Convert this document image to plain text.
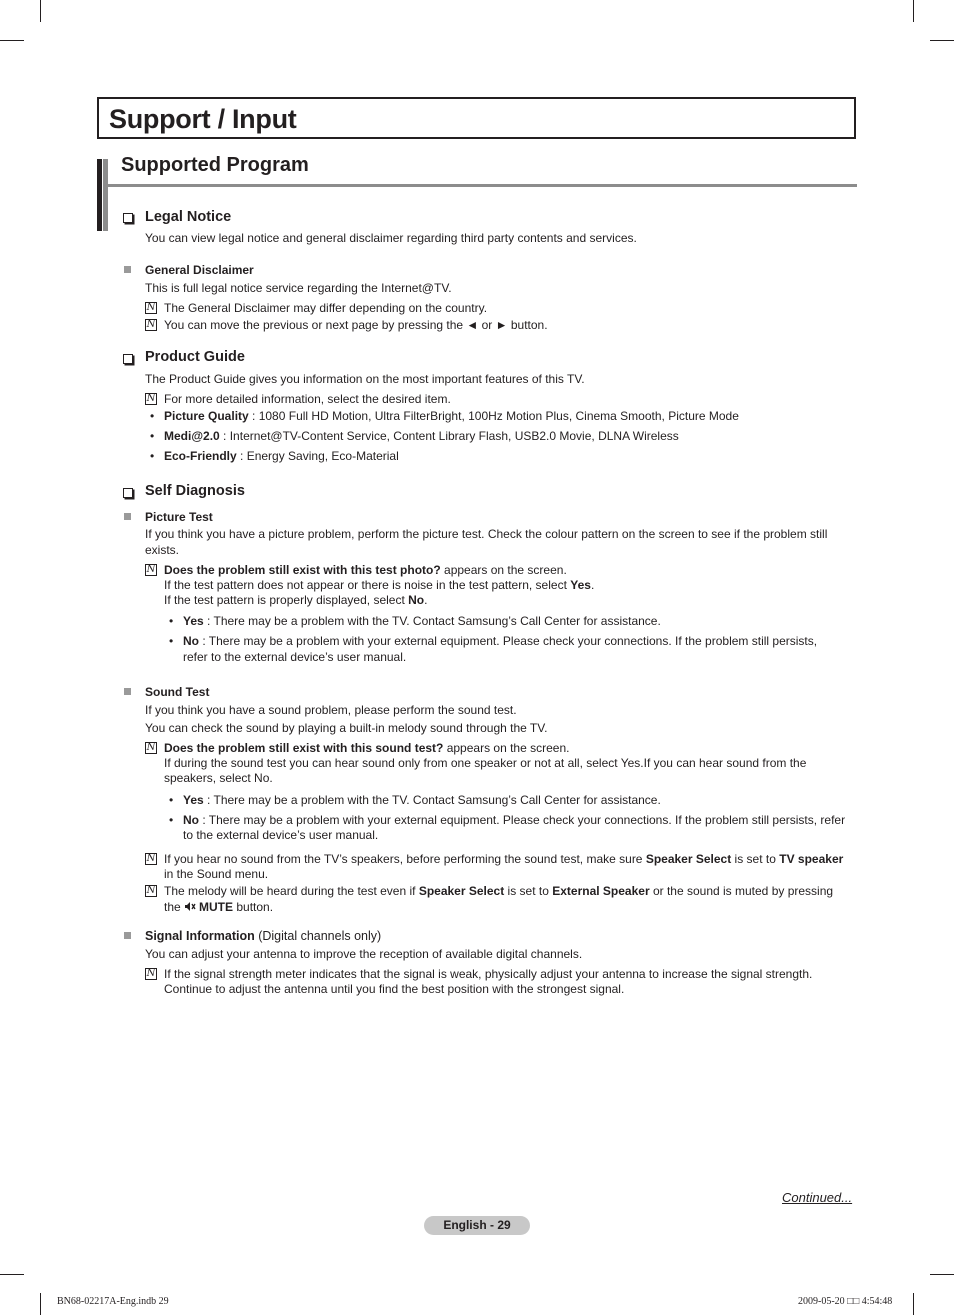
Support / Input
Supported Program
Legal Notice
You can view legal notice and general disclaimer regarding third party contents and services.
General Disclaimer
This is full legal notice service regarding the Internet@TV.
N The General Disclaimer may differ depending on the country.
N You can move the previous or next page by pressing the ◄ or ► button.
Product Guide
The Product Guide gives you information on the most important features of this TV.
N For more detailed information, select the desired item.
• Picture Quality : 1080 Full HD Motion, Ultra FilterBright, 100Hz Motion Plus, Cinema Smooth, Picture Mode
• Medi@2.0 : Internet@TV-Content Service, Content Library Flash, USB2.0 Movie, DLNA Wireless
• Eco-Friendly : Energy Saving, Eco-Material
Self Diagnosis
Picture Test
If you think you have a picture problem, perform the picture test. Check the colour pattern on the screen to see if the problem still
exists.
N Does the problem still exist with this test photo? appears on the screen.
If the test pattern does not appear or there is noise in the test pattern, select Yes.
If the test pattern is properly displayed, select No.
• Yes : There may be a problem with the TV. Contact Samsung’s Call Center for assistance.
• No : There may be a problem with your external equipment. Please check your connections. If the problem still persists,
refer to the external device’s user manual.
Sound Test
If you think you have a sound problem, please perform the sound test.
You can check the sound by playing a built-in melody sound through the TV.
N Does the problem still exist with this sound test? appears on the screen.
If during the sound test you can hear sound only from one speaker or not at all, select Yes.If you can hear sound from the
speakers, select No.
• Yes : There may be a problem with the TV. Contact Samsung’s Call Center for assistance.
• No : There may be a problem with your external equipment. Please check your connections. If the problem still persists, refer
to the external device’s user manual.
N If you hear no sound from the TV’s speakers, before performing the sound test, make sure Speaker Select is set to TV speaker
in the Sound menu.
N The melody will be heard during the test even if Speaker Select is set to External Speaker or the sound is muted by pressing
the MUTE button.
Signal Information (Digital channels only)
You can adjust your antenna to improve the reception of available digital channels.
N If the signal strength meter indicates that the signal is weak, physically adjust your antenna to increase the signal strength.
Continue to adjust the antenna until you find the best position with the strongest signal.
Continued...
English - 29
BN68-02217A-Eng.indb 29	2009-05-20 □□ 4:54:48
